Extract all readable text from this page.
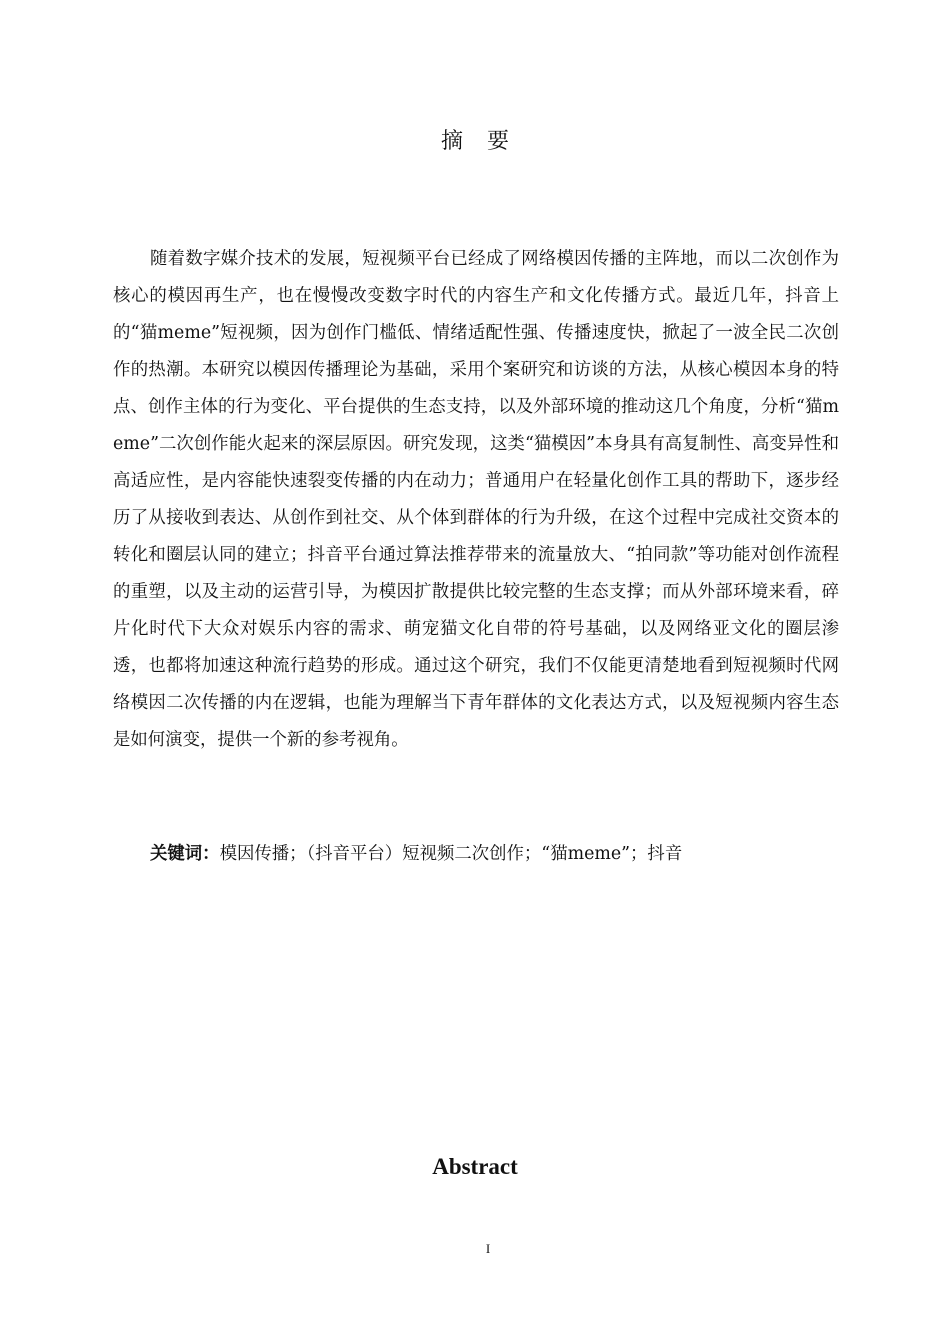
摘要

随着数字媒介技术的发展，短视频平台已经成了网络模因传播的主阵地，而以二次创作为核心的模因再生产，也在慢慢改变数字时代的内容生产和文化传播方式。最近几年，抖音上的“猫meme”短视频，因为创作门槛低、情绪适配性强、传播速度快，掀起了一波全民二次创作的热潮。本研究以模因传播理论为基础，采用个案研究和访谈的方法，从核心模因本身的特点、创作主体的行为变化、平台提供的生态支持，以及外部环境的推动这几个角度，分析“猫meme”二次创作能火起来的深层原因。研究发现，这类“猫模因”本身具有高复制性、高变异性和高适应性，是内容能快速裂变传播的内在动力；普通用户在轻量化创作工具的帮助下，逐步经历了从接收到表达、从创作到社交、从个体到群体的行为升级，在这个过程中完成社交资本的转化和圈层认同的建立；抖音平台通过算法推荐带来的流量放大、“拍同款”等功能对创作流程的重塑，以及主动的运营引导，为模因扩散提供比较完整的生态支撑；而从外部环境来看，碎片化时代下大众对娱乐内容的需求、萌宠猫文化自带的符号基础，以及网络亚文化的圈层渗透，也都将加速这种流行趋势的形成。通过这个研究，我们不仅能更清楚地看到短视频时代网络模因二次传播的内在逻辑，也能为理解当下青年群体的文化表达方式，以及短视频内容生态是如何演变，提供一个新的参考视角。

关键词：模因传播；（抖音平台）短视频二次创作；“猫meme”；抖音

Abstract
I
